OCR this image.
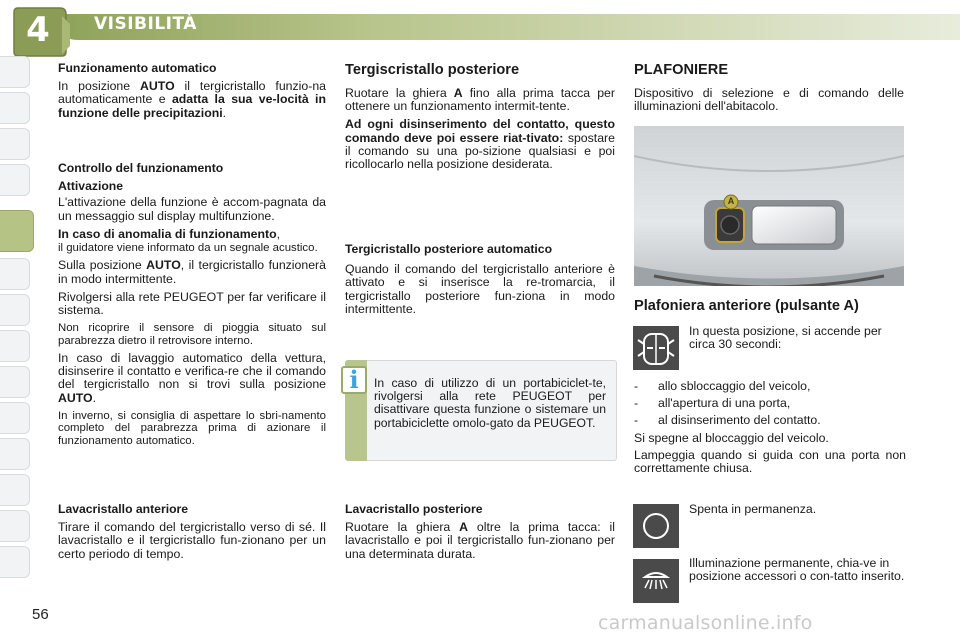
4	VISIBILITÀ
56

Funzionamento automatico

In posizione AUTO il tergicristallo funzio-na automaticamente e adatta la sua ve-locità in funzione delle precipitazioni.

Controllo del funzionamento

Attivazione

L'attivazione della funzione è accom-pagnata da un messaggio sul display multifunzione.

In caso di anomalia di funzionamento,
il guidatore viene informato da un segnale acustico.

Sulla posizione AUTO, il tergicristallo funzionerà in modo intermittente.

Rivolgersi alla rete PEUGEOT per far verificare il sistema.

Non ricoprire il sensore di pioggia situato sul parabrezza dietro il retrovisore interno.

In caso di lavaggio automatico della vettura, disinserire il contatto e verifica-re che il comando del tergicristallo non si trovi sulla posizione AUTO.

In inverno, si consiglia di aspettare lo sbri-namento completo del parabrezza prima di azionare il funzionamento automatico.

Lavacristallo anteriore

Tirare il comando del tergicristallo verso di sé. Il lavacristallo e il tergicristallo fun-zionano per un certo periodo di tempo.

Tergiscristallo posteriore

Ruotare la ghiera A fino alla prima tacca per ottenere un funzionamento intermit-tente.

Ad ogni disinserimento del contatto, questo comando deve poi essere riat-tivato: spostare il comando su una po-sizione qualsiasi e poi ricollocarlo nella posizione desiderata.

Tergicristallo posteriore automatico

Quando il comando del tergicristallo anteriore è attivato e si inserisce la re-tromarcia, il tergicristallo posteriore fun-ziona in modo intermittente.

i	In caso di utilizzo di un portabiciclet-te, rivolgersi alla rete PEUGEOT per disattivare questa funzione o sistemare un portabiciclette omolo-gato da PEUGEOT.

Lavacristallo posteriore

Ruotare la ghiera A oltre la prima tacca: il lavacristallo e poi il tergicristallo fun-zionano per una determinata durata.

PLAFONIERE

Dispositivo di selezione e di comando delle illuminazioni dell'abitacolo.

A

Plafoniera anteriore (pulsante A)

In questa posizione, si accende per circa 30 secondi:

-	allo sbloccaggio del veicolo,
-	all'apertura di una porta,
-	al disinserimento del contatto.

Si spegne al bloccaggio del veicolo.

Lampeggia quando si guida con una porta non correttamente chiusa.

Spenta in permanenza.

Illuminazione permanente, chia-ve in posizione accessori o con-tatto inserito.

carmanualsonline.info
